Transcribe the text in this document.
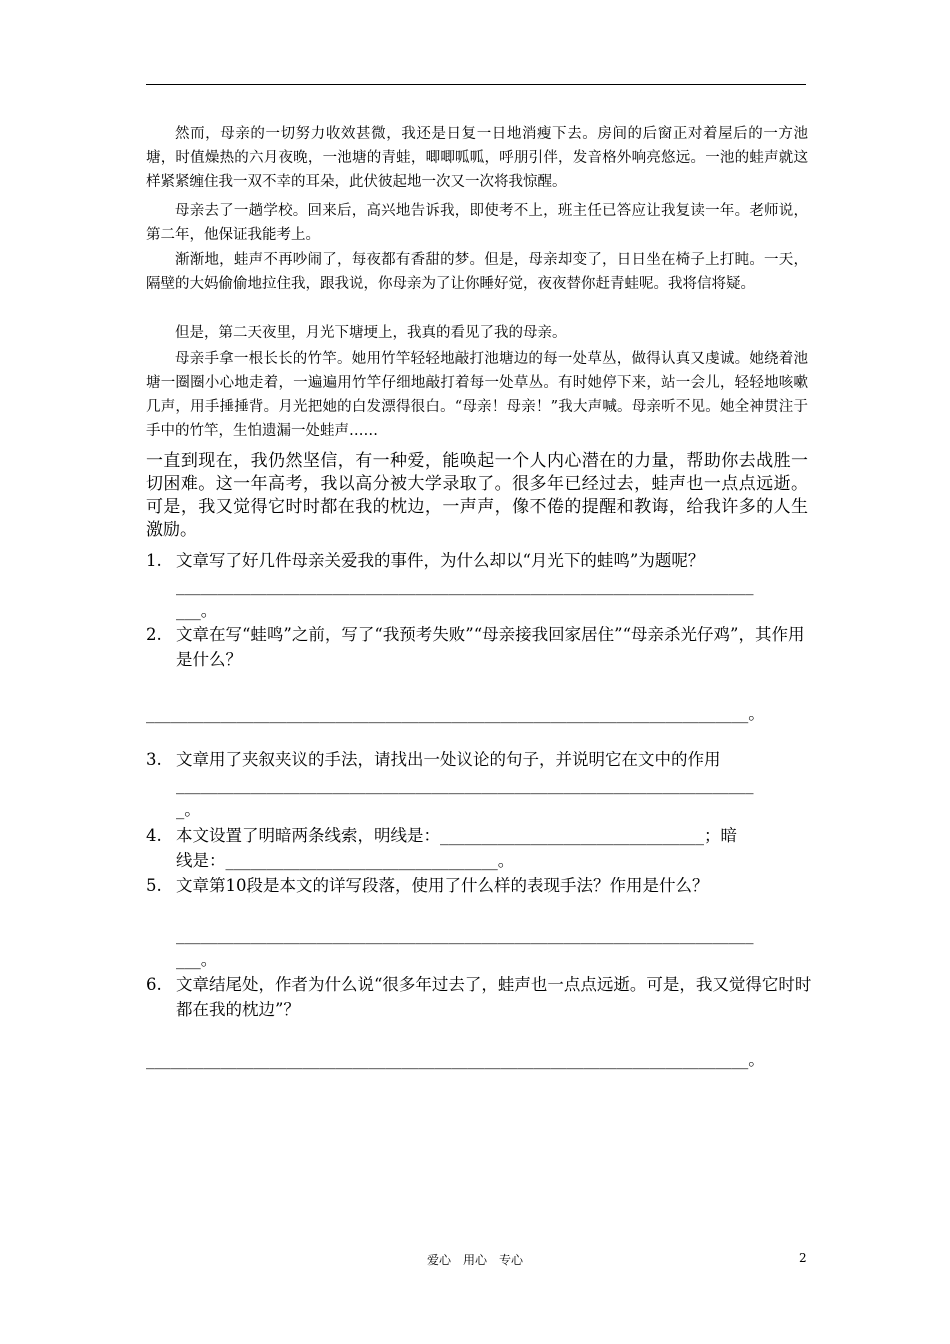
然而，母亲的一切努力收效甚微，我还是日复一日地消瘦下去。房间的后窗正对着屋后的一方池塘，时值燥热的六月夜晚，一池塘的青蛙，唧唧呱呱，呼朋引伴，发音格外响亮悠远。一池的蛙声就这样紧紧缠住我一双不幸的耳朵，此伏彼起地一次又一次将我惊醒。

母亲去了一趟学校。回来后，高兴地告诉我，即使考不上，班主任已答应让我复读一年。老师说，第二年，他保证我能考上。

渐渐地，蛙声不再吵闹了，每夜都有香甜的梦。但是，母亲却变了，日日坐在椅子上打盹。一天，隔壁的大妈偷偷地拉住我，跟我说，你母亲为了让你睡好觉，夜夜替你赶青蛙呢。我将信将疑。

但是，第二天夜里，月光下塘埂上，我真的看见了我的母亲。

母亲手拿一根长长的竹竿。她用竹竿轻轻地敲打池塘边的每一处草丛，做得认真又虔诚。她绕着池塘一圈圈小心地走着，一遍遍用竹竿仔细地敲打着每一处草丛。有时她停下来，站一会儿，轻轻地咳嗽几声，用手捶捶背。月光把她的白发漂得很白。“母亲！母亲！”我大声喊。母亲听不见。她全神贯注于手中的竹竿，生怕遗漏一处蛙声……

一直到现在，我仍然坚信，有一种爱，能唤起一个人内心潜在的力量，帮助你去战胜一切困难。这一年高考，我以高分被大学录取了。很多年已经过去，蛙声也一点点远逝。可是，我又觉得它时时都在我的枕边，一声声，像不倦的提醒和教诲，给我许多的人生激励。

1. 文章写了好几件母亲关爱我的事件，为什么却以“月光下的蛙鸣”为题呢？
______________________________________________________________________
___。
2. 文章在写“蛙鸣”之前，写了“我预考失败”“母亲接我回家居住”“母亲杀光仔鸡”，其作用是什么？
_________________________________________________________________________。
3. 文章用了夹叙夹议的手法，请找出一处议论的句子，并说明它在文中的作用
______________________________________________________________________
_。
4. 本文设置了明暗两条线索，明线是：________________________________；暗
线是：_________________________________。
5. 文章第10段是本文的详写段落，使用了什么样的表现手法？作用是什么？
______________________________________________________________________
___。
6. 文章结尾处，作者为什么说“很多年过去了，蛙声也一点点远逝。可是，我又觉得它时时都在我的枕边”？
_________________________________________________________________________。
爱心　用心　专心	2
